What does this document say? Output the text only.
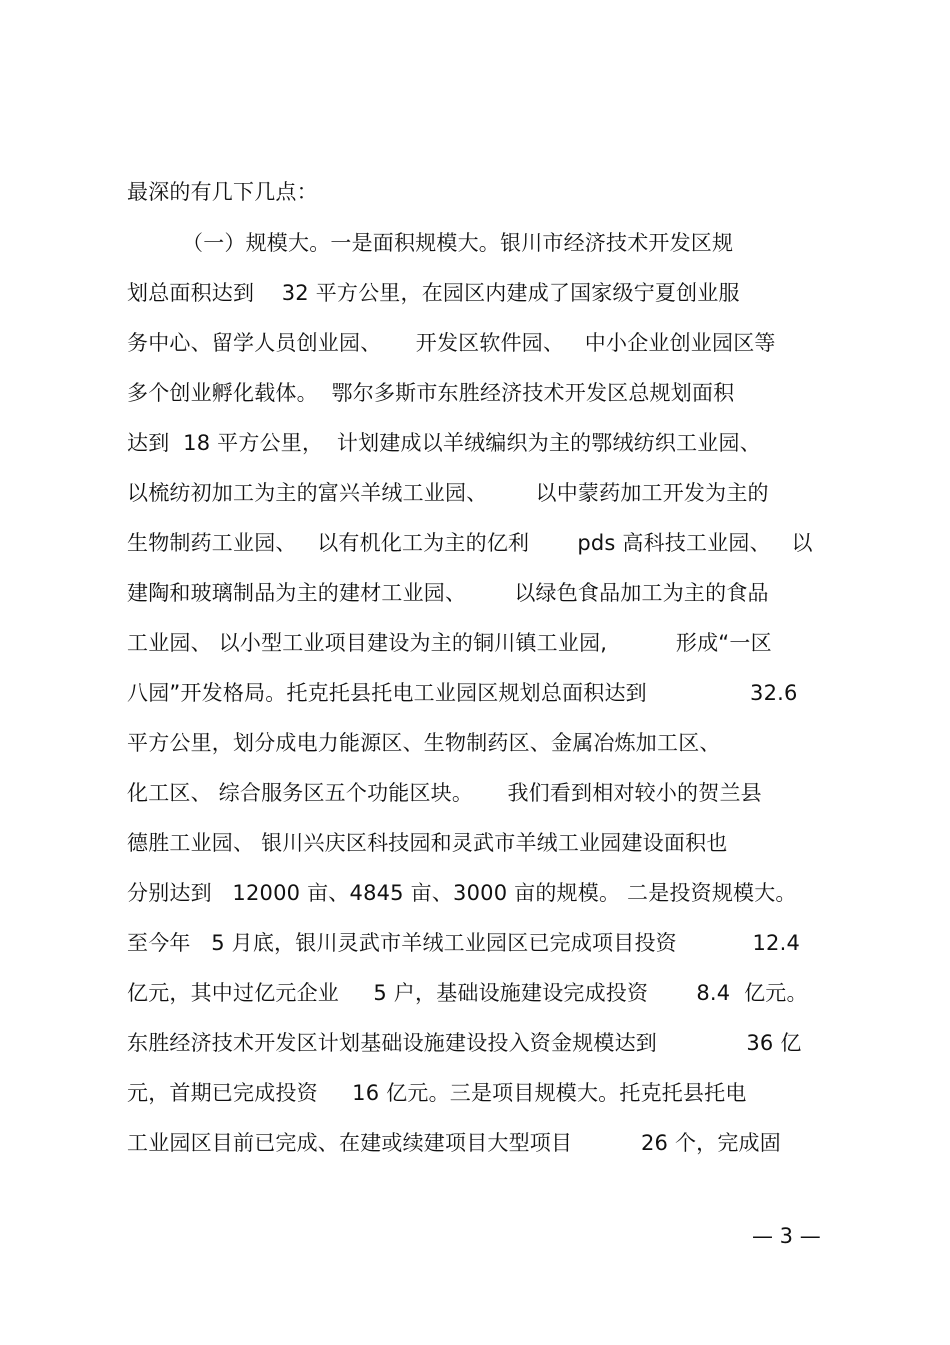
最深的有几下几点：
（一）规模大。一是面积规模大。银川市经济技术开发区规
划总面积达到    32 平方公里，在园区内建成了国家级宁夏创业服
务中心、留学人员创业园、     开发区软件园、   中小企业创业园区等
多个创业孵化载体。  鄂尔多斯市东胜经济技术开发区总规划面积
达到  18 平方公里，  计划建成以羊绒编织为主的鄂绒纺织工业园、
以梳纺初加工为主的富兴羊绒工业园、       以中蒙药加工开发为主的
生物制药工业园、   以有机化工为主的亿利       pds 高科技工业园、   以
建陶和玻璃制品为主的建材工业园、       以绿色食品加工为主的食品
工业园、 以小型工业项目建设为主的铜川镇工业园,          形成“一区
八园”开发格局。托克托县托电工业园区规划总面积达到               32.6
平方公里，划分成电力能源区、生物制药区、金属冶炼加工区、
化工区、 综合服务区五个功能区块。     我们看到相对较小的贺兰县
德胜工业园、 银川兴庆区科技园和灵武市羊绒工业园建设面积也
分别达到   12000 亩、4845 亩、3000 亩的规模。 二是投资规模大。
至今年   5 月底，银川灵武市羊绒工业园区已完成项目投资           12.4
亿元，其中过亿元企业     5 户，基础设施建设完成投资       8.4  亿元。
东胜经济技术开发区计划基础设施建设投入资金规模达到             36 亿
元，首期已完成投资     16 亿元。三是项目规模大。托克托县托电
工业园区目前已完成、在建或续建项目大型项目          26 个，完成固
— 3 —
